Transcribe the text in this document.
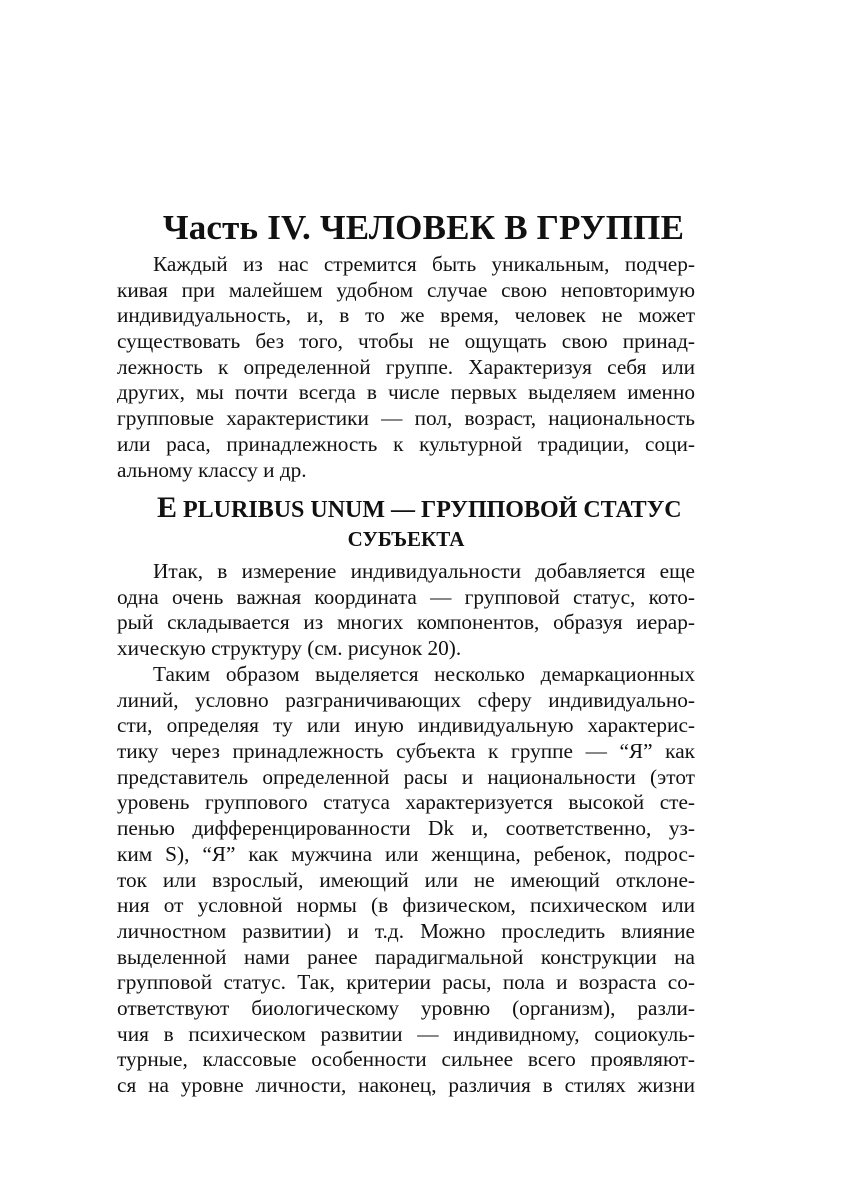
Часть IV. ЧЕЛОВЕК В ГРУППЕ
Каждый из нас стремится быть уникальным, подчер-
кивая при малейшем удобном случае свою неповторимую
индивидуальность, и, в то же время, человек не может
существовать без того, чтобы не ощущать свою принад-
лежность к определенной группе. Характеризуя себя или
других, мы почти всегда в числе первых выделяем именно
групповые характеристики — пол, возраст, национальность
или раса, принадлежность к культурной традиции, соци-
альному классу и др.
E PLURIBUS UNUM — ГРУППОВОЙ СТАТУС
СУБЪЕКТА
Итак, в измерение индивидуальности добавляется еще
одна очень важная координата — групповой статус, кото-
рый складывается из многих компонентов, образуя иерар-
хическую структуру (см. рисунок 20).
Таким образом выделяется несколько демаркационных
линий, условно разграничивающих сферу индивидуально-
сти, определяя ту или иную индивидуальную характерис-
тику через принадлежность субъекта к группе — “Я” как
представитель определенной расы и национальности (этот
уровень группового статуса характеризуется высокой сте-
пенью дифференцированности Dk и, соответственно, уз-
ким S), “Я” как мужчина или женщина, ребенок, подрос-
ток или взрослый, имеющий или не имеющий отклоне-
ния от условной нормы (в физическом, психическом или
личностном развитии) и т.д. Можно проследить влияние
выделенной нами ранее парадигмальной конструкции на
групповой статус. Так, критерии расы, пола и возраста со-
ответствуют биологическому уровню (организм), разли-
чия в психическом развитии — индивидному, социокуль-
турные, классовые особенности сильнее всего проявляют-
ся на уровне личности, наконец, различия в стилях жизни
